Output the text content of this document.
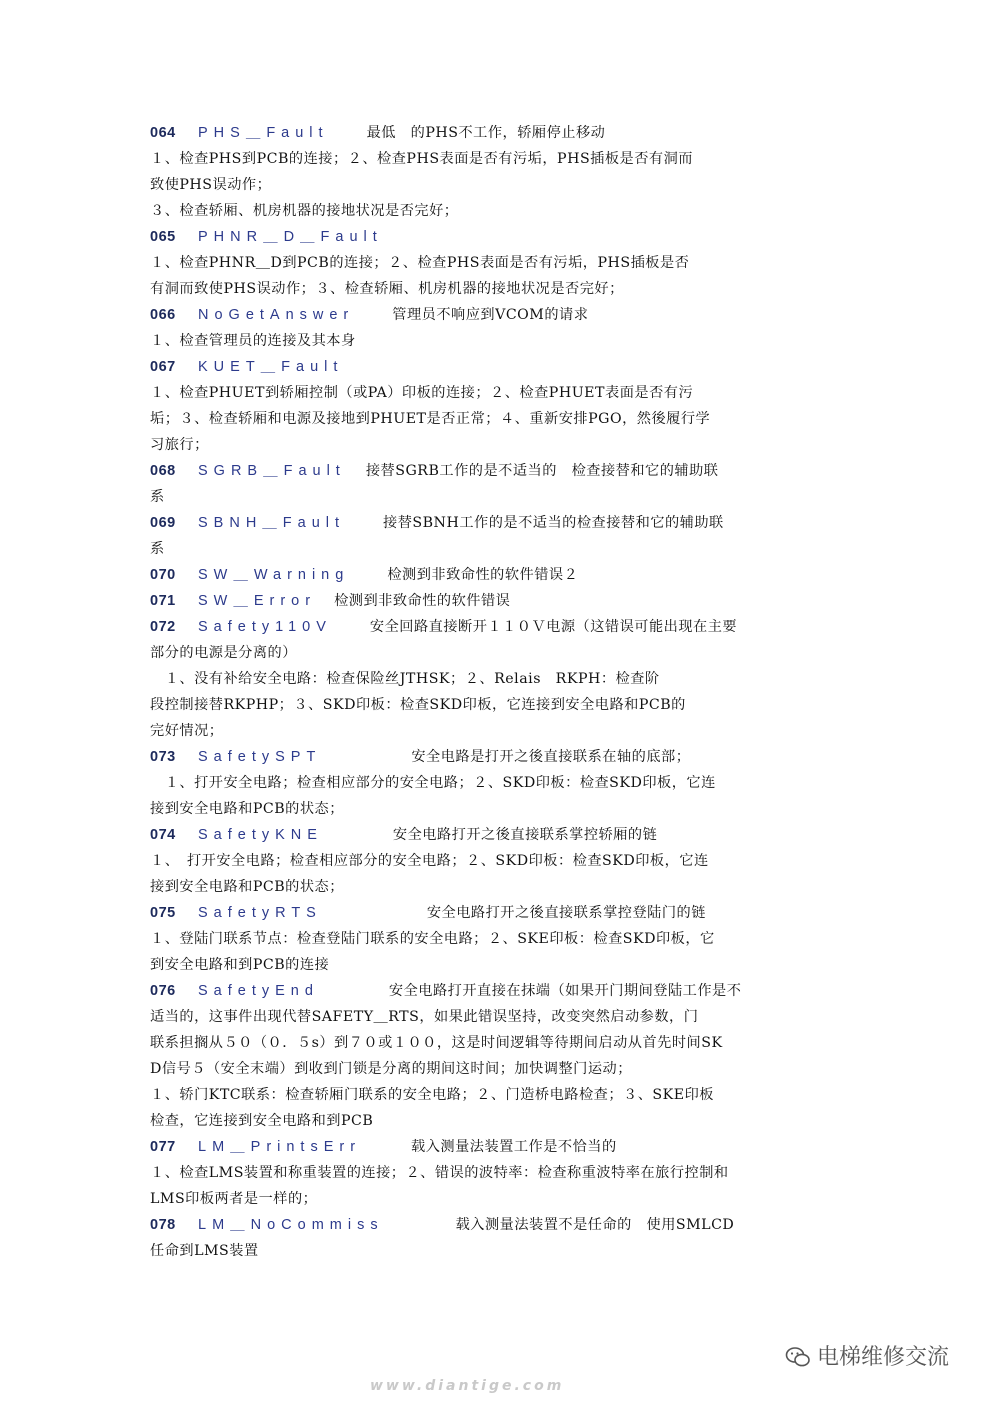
064 PHS＿Fault	最低　的PHS不工作，轿厢停止移动
１、检查PHS到PCB的连接；２、检查PHS表面是否有污垢，PHS插板是否有洞而
致使PHS误动作；
３、检查轿厢、机房机器的接地状况是否完好；
065 PHNR＿D＿Fault
１、检查PHNR＿D到PCB的连接；２、检查PHS表面是否有污垢，PHS插板是否
有洞而致使PHS误动作；３、检查轿厢、机房机器的接地状况是否完好；
066 NoGetAnswer	管理员不响应到VCOM的请求
１、检查管理员的连接及其本身
067 KUET＿Fault
１、检查PHUET到轿厢控制（或PA）印板的连接；２、检查PHUET表面是否有污
垢；３、检查轿厢和电源及接地到PHUET是否正常；４、重新安排PGO，然後履行学
习旅行；
068 SGRB＿Fault 接替SGRB工作的是不适当的　检查接替和它的辅助联
系
069 SBNH＿Fault	接替SBNH工作的是不适当的检查接替和它的辅助联
系
070 SW＿Warning	检测到非致命性的软件错误２
071 SW＿Error 检测到非致命性的软件错误
072 Safety110V	安全回路直接断开１１０Ｖ电源（这错误可能出现在主要
部分的电源是分离的）
　１、没有补给安全电路：检查保险丝JTHSK；２、Relais　RKPH：检查阶
段控制接替RKPHP；３、SKD印板：检查SKD印板，它连接到安全电路和PCB的
完好情况；
073 SafetySPT	安全电路是打开之後直接联系在轴的底部；
　１、打开安全电路；检查相应部分的安全电路；２、SKD印板：检查SKD印板，它连
接到安全电路和PCB的状态；
074 SafetyKNE	安全电路打开之後直接联系掌控轿厢的链
１、　打开安全电路；检查相应部分的安全电路；２、SKD印板：检查SKD印板，它连
接到安全电路和PCB的状态；
075 SafetyRTS	安全电路打开之後直接联系掌控登陆门的链
１、登陆门联系节点：检查登陆门联系的安全电路；２、SKE印板：检查SKD印板，它
到安全电路和到PCB的连接
076 SafetyEnd	安全电路打开直接在抹端（如果开门期间登陆工作是不
适当的，这事件出现代替SAFETY＿RTS，如果此错误坚持，改变突然启动参数，门
联系担搁从５０（０．５s）到７０或１００，这是时间逻辑等待期间启动从首先时间SK
D信号５（安全末端）到收到门锁是分离的期间这时间；加快调整门运动；
１、轿门KTC联系：检查轿厢门联系的安全电路；２、门造桥电路检查；３、SKE印板
检查，它连接到安全电路和到PCB
077 LM＿PrintsErr	载入测量法装置工作是不恰当的
１、检查LMS装置和称重装置的连接；２、错误的波特率：检查称重波特率在旅行控制和
LMS印板两者是一样的；
078 LM＿NoCommiss	载入测量法装置不是任命的　使用SMLCD
任命到LMS装置
电梯维修交流
www.diantige.com
